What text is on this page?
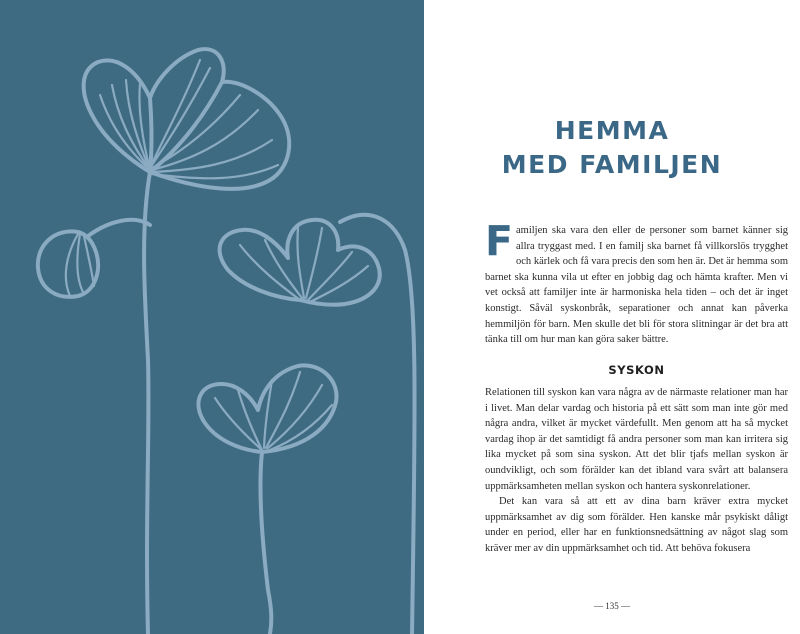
HEMMA
MED FAMILJEN

Familjen ska vara den eller de personer som barnet känner sig allra tryggast med. I en familj ska barnet få villkorslös trygghet och kärlek och få vara precis den som hen är. Det är hemma som barnet ska kunna vila ut efter en jobbig dag och hämta krafter. Men vi vet också att familjer inte är harmoniska hela tiden – och det är inget konstigt. Såväl syskonbråk, separationer och annat kan påverka hemmiljön för barn. Men skulle det bli för stora slitningar är det bra att tänka till om hur man kan göra saker bättre.

SYSKON

Relationen till syskon kan vara några av de närmaste relationer man har i livet. Man delar vardag och historia på ett sätt som man inte gör med några andra, vilket är mycket värdefullt. Men genom att ha så mycket vardag ihop är det samtidigt få andra personer som man kan irritera sig lika mycket på som sina syskon. Att det blir tjafs mellan syskon är oundvikligt, och som förälder kan det ibland vara svårt att balansera uppmärksamheten mellan syskon och hantera syskonrelationer.

Det kan vara så att ett av dina barn kräver extra mycket uppmärksamhet av dig som förälder. Hen kanske mår psykiskt dåligt under en period, eller har en funktionsnedsättning av något slag som kräver mer av din uppmärksamhet och tid. Att behöva fokusera

— 135 —
